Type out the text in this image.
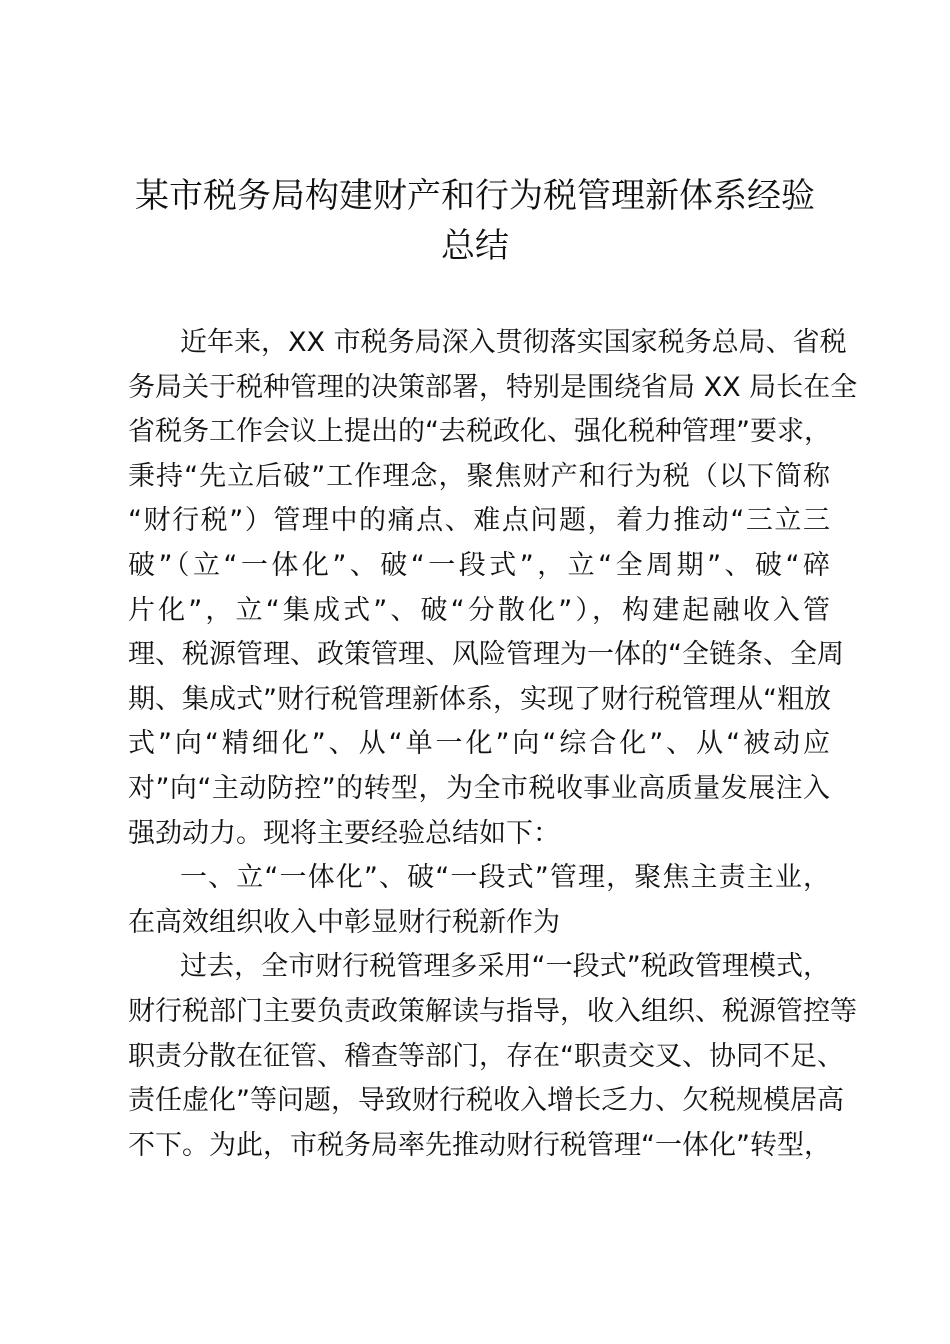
某市税务局构建财产和行为税管理新体系经验
总结
近年来，XX 市税务局深入贯彻落实国家税务总局、省税
务局关于税种管理的决策部署，特别是围绕省局 XX 局长在全
省税务工作会议上提出的“去税政化、强化税种管理”要求，
秉持“先立后破”工作理念，聚焦财产和行为税（以下简称
“财行税”）管理中的痛点、难点问题，着力推动“三立三
破”（立“一体化”、破“一段式”，立“全周期”、破“碎
片化”，立“集成式”、破“分散化”），构建起融收入管
理、税源管理、政策管理、风险管理为一体的“全链条、全周
期、集成式”财行税管理新体系，实现了财行税管理从“粗放
式”向“精细化”、从“单一化”向“综合化”、从“被动应
对”向“主动防控”的转型，为全市税收事业高质量发展注入
强劲动力。现将主要经验总结如下：
一、立“一体化”、破“一段式”管理，聚焦主责主业，
在高效组织收入中彰显财行税新作为
过去，全市财行税管理多采用“一段式”税政管理模式，
财行税部门主要负责政策解读与指导，收入组织、税源管控等
职责分散在征管、稽查等部门，存在“职责交叉、协同不足、
责任虚化”等问题，导致财行税收入增长乏力、欠税规模居高
不下。为此，市税务局率先推动财行税管理“一体化”转型，
